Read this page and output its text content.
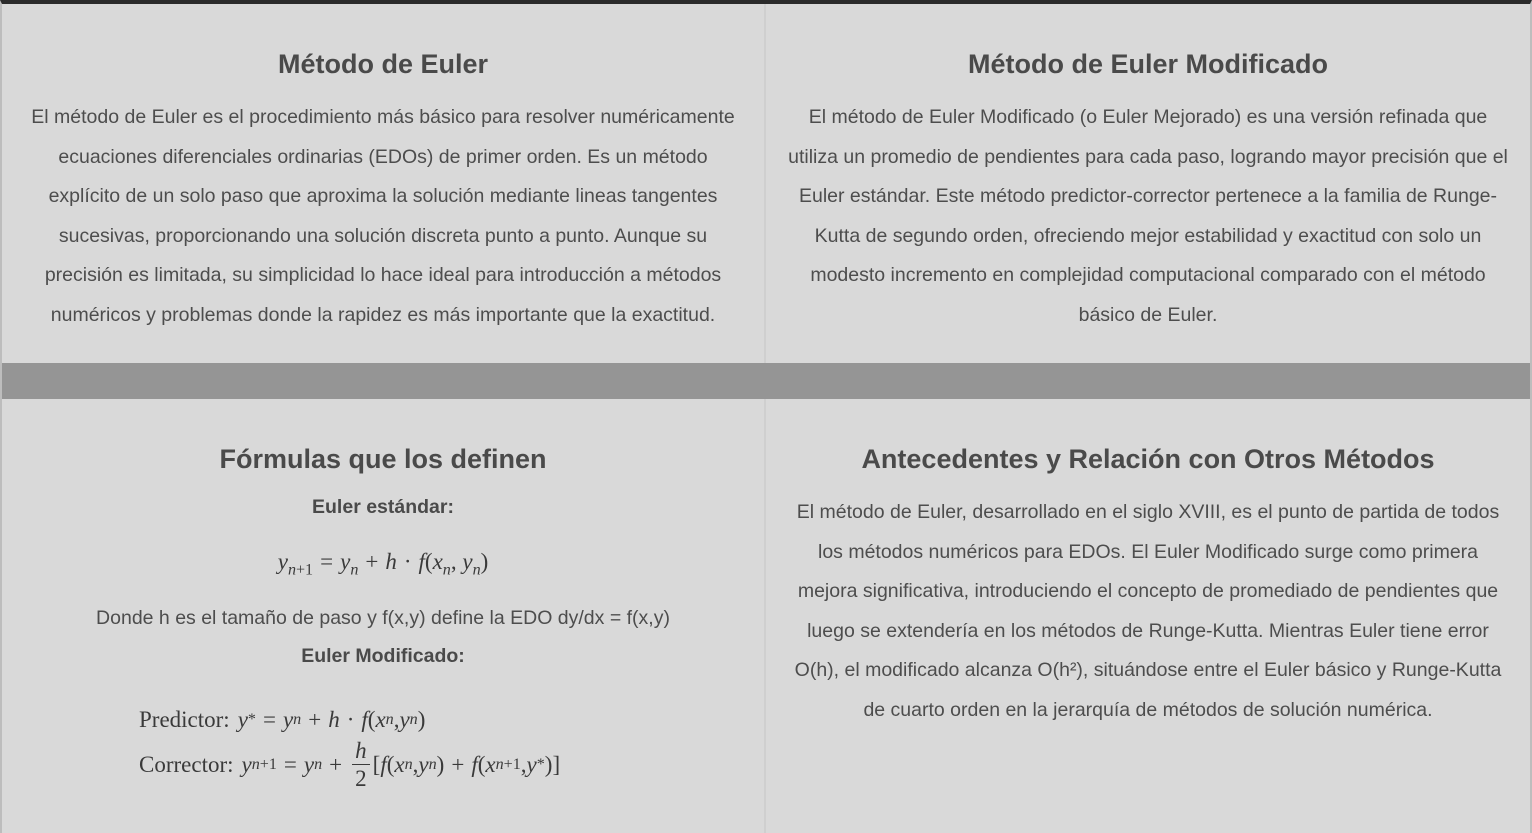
Método de Euler

El método de Euler es el procedimiento más básico para resolver numéricamente ecuaciones diferenciales ordinarias (EDOs) de primer orden. Es un método explícito de un solo paso que aproxima la solución mediante lineas tangentes sucesivas, proporcionando una solución discreta punto a punto. Aunque su precisión es limitada, su simplicidad lo hace ideal para introducción a métodos numéricos y problemas donde la rapidez es más importante que la exactitud.

Método de Euler Modificado

El método de Euler Modificado (o Euler Mejorado) es una versión refinada que utiliza un promedio de pendientes para cada paso, logrando mayor precisión que el Euler estándar. Este método predictor-corrector pertenece a la familia de Runge-Kutta de segundo orden, ofreciendo mejor estabilidad y exactitud con solo un modesto incremento en complejidad computacional comparado con el método básico de Euler.

Fórmulas que los definen
Euler estándar:
$y_{n+1} = y_n + h \cdot f(x_n$, $y_n$)
Donde h es el tamaño de paso y f(x,y) define la EDO dy/dx = f(x,y)
Euler Modificado:
Predictor: y * = y n + h · f ( x n , y n )
Corrector: y n+1 = y $n + \frac{h}{2}$ [ f ( x n , y n ) + f ( x n+1 , y * )]
Antecedentes y Relación con Otros Métodos

El método de Euler, desarrollado en el siglo XVIII, es el punto de partida de todos los métodos numéricos para EDOs. El Euler Modificado surge como primera mejora significativa, introduciendo el concepto de promediado de pendientes que luego se extendería en los métodos de Runge-Kutta. Mientras Euler tiene error O(h), el modificado alcanza O(h²), situándose entre el Euler básico y Runge-Kutta de cuarto orden en la jerarquía de métodos de solución numérica.
